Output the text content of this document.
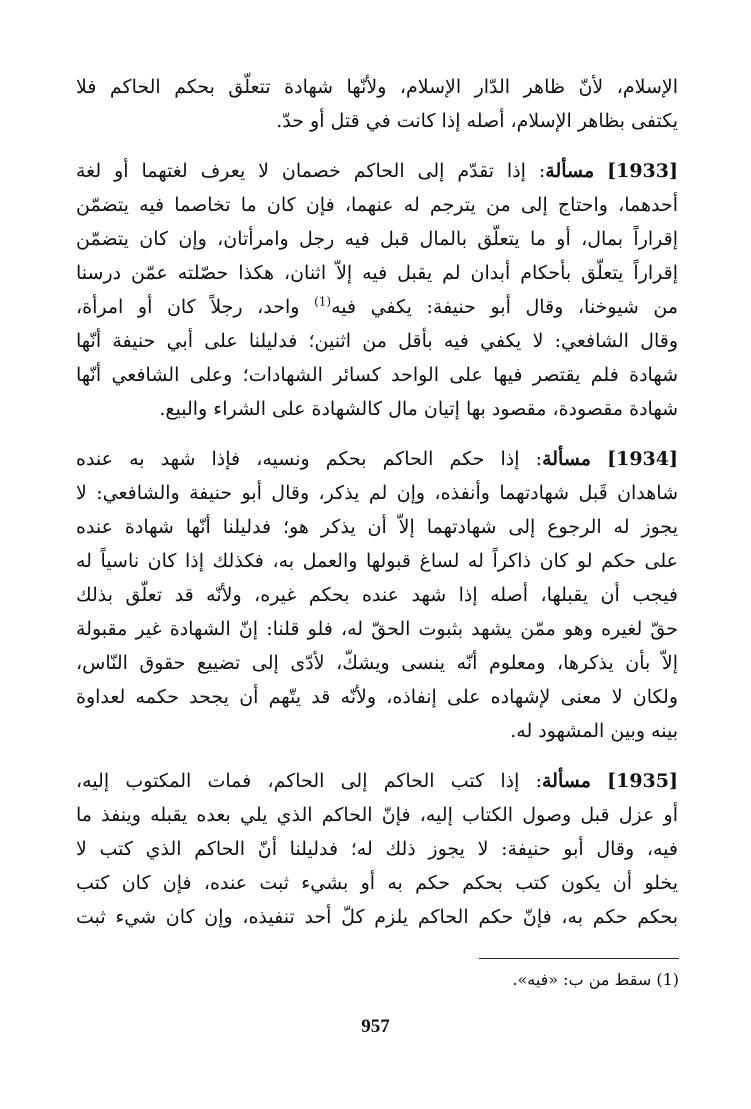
الإسلام، لأنّ ظاهر الدّار الإسلام، ولأنّها شهادة تتعلّق بحكم الحاكم فلا
يكتفى بظاهر الإسلام، أصله إذا كانت في قتل أو حدّ.
[1933] مسألة: إذا تقدّم إلى الحاكم خصمان لا يعرف لغتهما أو لغة
أحدهما، واحتاج إلى من يترجم له عنهما، فإن كان ما تخاصما فيه يتضمّن
إقراراً بمال، أو ما يتعلّق بالمال قبل فيه رجل وامرأتان، وإن كان يتضمّن
إقراراً يتعلّق بأحكام أبدان لم يقبل فيه إلاّ اثنان، هكذا حصّلته عمّن درسنا
من شيوخنا، وقال أبو حنيفة: يكفي فيه$^{(1)}$ واحد، رجلاً كان أو امرأة،
وقال الشافعي: لا يكفي فيه بأقل من اثنين؛ فدليلنا على أبي حنيفة أنّها
شهادة فلم يقتصر فيها على الواحد كسائر الشهادات؛ وعلى الشافعي أنّها
شهادة مقصودة، مقصود بها إتيان مال كالشهادة على الشراء والبيع.
[1934] مسألة: إذا حكم الحاكم بحكم ونسيه، فإذا شهد به عنده
شاهدان قَبل شهادتهما وأنفذه، وإن لم يذكر، وقال أبو حنيفة والشافعي: لا
يجوز له الرجوع إلى شهادتهما إلاّ أن يذكر هو؛ فدليلنا أنّها شهادة عنده
على حكم لو كان ذاكراً له لساغ قبولها والعمل به، فكذلك إذا كان ناسياً له
فيجب أن يقبلها، أصله إذا شهد عنده بحكم غيره، ولأنّه قد تعلّق بذلك
حقّ لغيره وهو ممّن يشهد بثبوت الحقّ له، فلو قلنا: إنّ الشهادة غير مقبولة
إلاّ بأن يذكرها، ومعلوم أنّه ينسى ويشكّ، لأدّى إلى تضييع حقوق النّاس،
ولكان لا معنى لإشهاده على إنفاذه، ولأنّه قد يتّهم أن يجحد حكمه لعداوة
بينه وبين المشهود له.
[1935] مسألة: إذا كتب الحاكم إلى الحاكم، فمات المكتوب إليه،
أو عزل قبل وصول الكتاب إليه، فإنّ الحاكم الذي يلي بعده يقبله وينفذ ما
فيه، وقال أبو حنيفة: لا يجوز ذلك له؛ فدليلنا أنّ الحاكم الذي كتب لا
يخلو أن يكون كتب بحكم حكم به أو بشيء ثبت عنده، فإن كان كتب
بحكم حكم به، فإنّ حكم الحاكم يلزم كلّ أحد تنفيذه، وإن كان شيء ثبت
(1) سقط من ب: «فيه».
957
